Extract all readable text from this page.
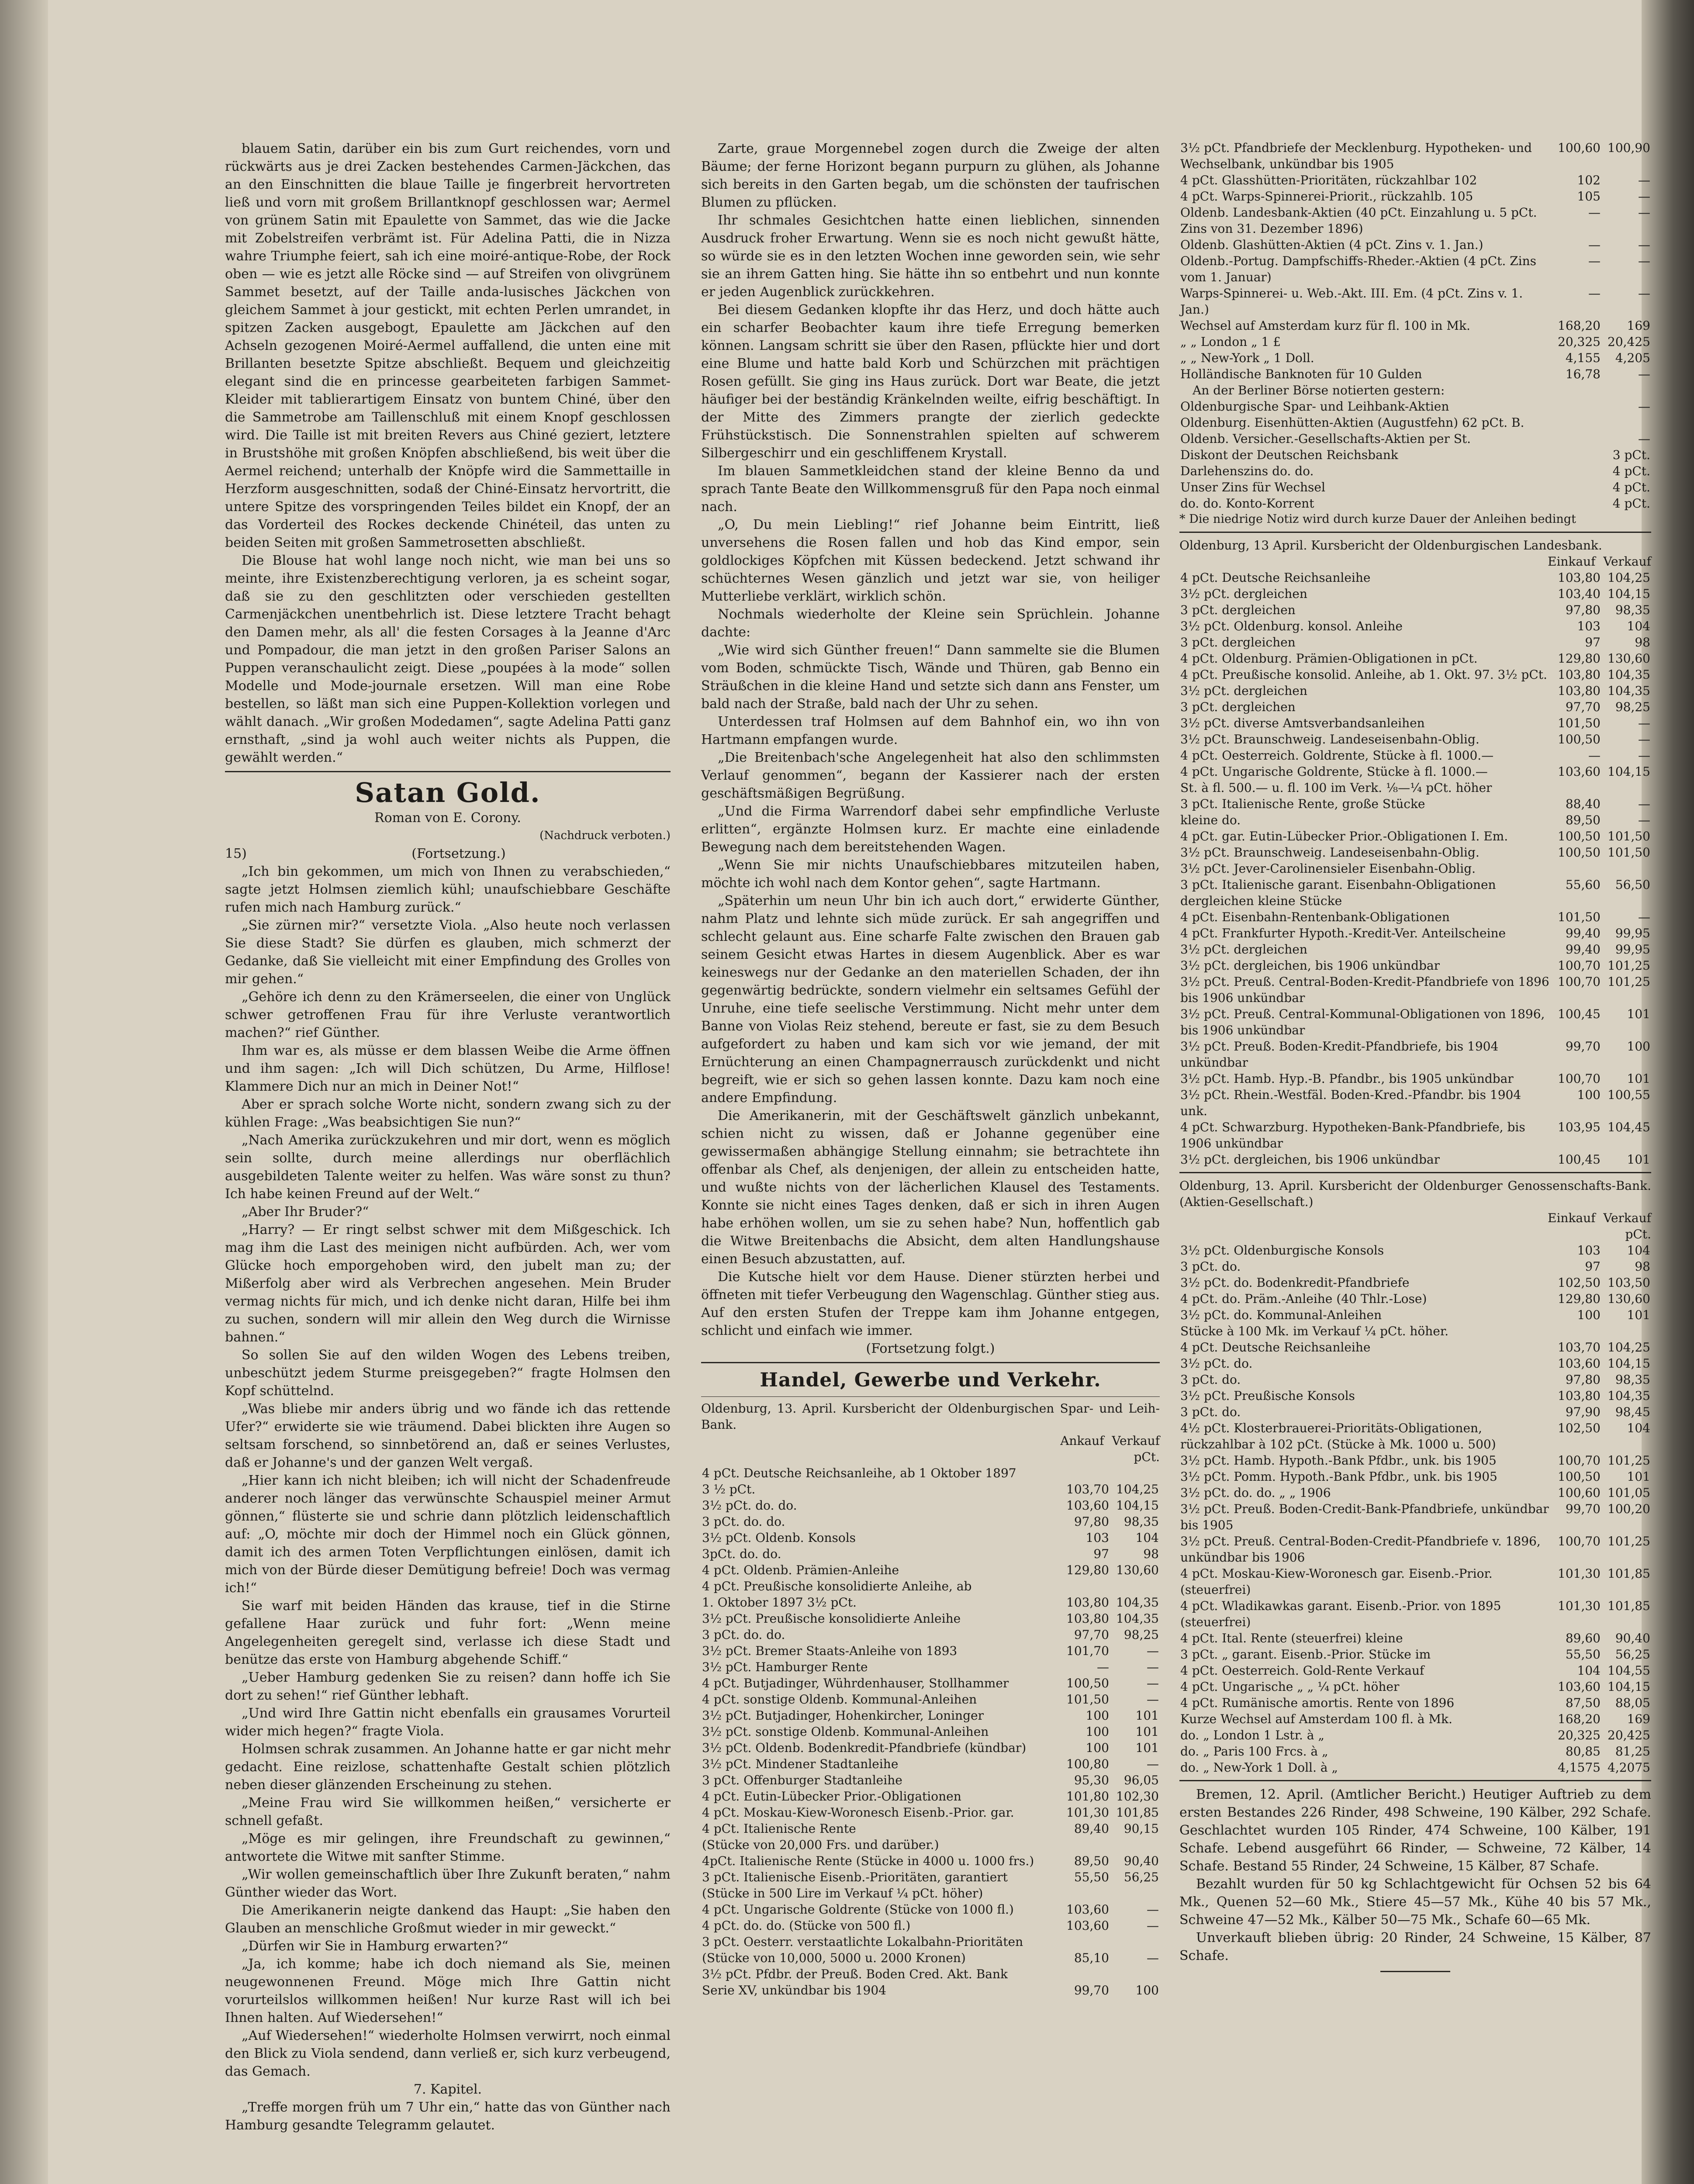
blauem Satin, darüber ein bis zum Gurt reichendes, vorn und rückwärts aus je drei Zacken bestehendes Carmen-Jäckchen, das an den Einschnitten die blaue Taille je fingerbreit hervortreten ließ und vorn mit großem Brillantknopf geschlossen war; Aermel von grünem Satin mit Epaulette von Sammet, das wie die Jacke mit Zobelstreifen verbrämt ist. Für Adelina Patti, die in Nizza wahre Triumphe feiert, sah ich eine moiré-antique-Robe, der Rock oben — wie es jetzt alle Röcke sind — auf Streifen von olivgrünem Sammet besetzt, auf der Taille anda-lusisches Jäckchen von gleichem Sammet à jour gestickt, mit echten Perlen umrandet, in spitzen Zacken ausgebogt, Epaulette am Jäckchen auf den Achseln gezogenen Moiré-Aermel auffallend, die unten eine mit Brillanten besetzte Spitze abschließt. Bequem und gleichzeitig elegant sind die en princesse gearbeiteten farbigen Sammet-Kleider mit tablierartigem Einsatz von buntem Chiné, über den die Sammetrobe am Taillenschluß mit einem Knopf geschlossen wird. Die Taille ist mit breiten Revers aus Chiné geziert, letztere in Brustshöhe mit großen Knöpfen abschließend, bis weit über die Aermel reichend; unterhalb der Knöpfe wird die Sammettaille in Herzform ausgeschnitten, sodaß der Chiné-Einsatz hervortritt, die untere Spitze des vorspringenden Teiles bildet ein Knopf, der an das Vorderteil des Rockes deckende Chinéteil, das unten zu beiden Seiten mit großen Sammetrosetten abschließt.

Die Blouse hat wohl lange noch nicht, wie man bei uns so meinte, ihre Existenzberechtigung verloren, ja es scheint sogar, daß sie zu den geschlitzten oder verschieden gestellten Carmenjäckchen unentbehrlich ist. Diese letztere Tracht behagt den Damen mehr, als all' die festen Corsages à la Jeanne d'Arc und Pompadour, die man jetzt in den großen Pariser Salons an Puppen veranschaulicht zeigt. Diese „poupées à la mode“ sollen Modelle und Mode-journale ersetzen. Will man eine Robe bestellen, so läßt man sich eine Puppen-Kollektion vorlegen und wählt danach. „Wir großen Modedamen“, sagte Adelina Patti ganz ernsthaft, „sind ja wohl auch weiter nichts als Puppen, die gewählt werden.“

Satan Gold.
Roman von E. Corony.
(Nachdruck verboten.)
15)	(Fortsetzung.)

„Ich bin gekommen, um mich von Ihnen zu verabschieden,“ sagte jetzt Holmsen ziemlich kühl; unaufschiebbare Geschäfte rufen mich nach Hamburg zurück.“

„Sie zürnen mir?“ versetzte Viola. „Also heute noch verlassen Sie diese Stadt? Sie dürfen es glauben, mich schmerzt der Gedanke, daß Sie vielleicht mit einer Empfindung des Grolles von mir gehen.“

„Gehöre ich denn zu den Krämerseelen, die einer von Unglück schwer getroffenen Frau für ihre Verluste verantwortlich machen?“ rief Günther.

Ihm war es, als müsse er dem blassen Weibe die Arme öffnen und ihm sagen: „Ich will Dich schützen, Du Arme, Hilflose! Klammere Dich nur an mich in Deiner Not!“

Aber er sprach solche Worte nicht, sondern zwang sich zu der kühlen Frage: „Was beabsichtigen Sie nun?“

„Nach Amerika zurückzukehren und mir dort, wenn es möglich sein sollte, durch meine allerdings nur oberflächlich ausgebildeten Talente weiter zu helfen. Was wäre sonst zu thun? Ich habe keinen Freund auf der Welt.“

„Aber Ihr Bruder?“

„Harry? — Er ringt selbst schwer mit dem Mißgeschick. Ich mag ihm die Last des meinigen nicht aufbürden. Ach, wer vom Glücke hoch emporgehoben wird, den jubelt man zu; der Mißerfolg aber wird als Verbrechen angesehen. Mein Bruder vermag nichts für mich, und ich denke nicht daran, Hilfe bei ihm zu suchen, sondern will mir allein den Weg durch die Wirnisse bahnen.“

So sollen Sie auf den wilden Wogen des Lebens treiben, unbeschützt jedem Sturme preisgegeben?“ fragte Holmsen den Kopf schüttelnd.

„Was bliebe mir anders übrig und wo fände ich das rettende Ufer?“ erwiderte sie wie träumend. Dabei blickten ihre Augen so seltsam forschend, so sinnbetörend an, daß er seines Verlustes, daß er Johanne's und der ganzen Welt vergaß.

„Hier kann ich nicht bleiben; ich will nicht der Schadenfreude anderer noch länger das verwünschte Schauspiel meiner Armut gönnen,“ flüsterte sie und schrie dann plötzlich leidenschaftlich auf: „O, möchte mir doch der Himmel noch ein Glück gönnen, damit ich des armen Toten Verpflichtungen einlösen, damit ich mich von der Bürde dieser Demütigung befreie! Doch was vermag ich!“

Sie warf mit beiden Händen das krause, tief in die Stirne gefallene Haar zurück und fuhr fort: „Wenn meine Angelegenheiten geregelt sind, verlasse ich diese Stadt und benütze das erste von Hamburg abgehende Schiff.“

„Ueber Hamburg gedenken Sie zu reisen? dann hoffe ich Sie dort zu sehen!“ rief Günther lebhaft.

„Und wird Ihre Gattin nicht ebenfalls ein grausames Vorurteil wider mich hegen?“ fragte Viola.

Holmsen schrak zusammen. An Johanne hatte er gar nicht mehr gedacht. Eine reizlose, schattenhafte Gestalt schien plötzlich neben dieser glänzenden Erscheinung zu stehen.

„Meine Frau wird Sie willkommen heißen,“ versicherte er schnell gefaßt.

„Möge es mir gelingen, ihre Freundschaft zu gewinnen,“ antwortete die Witwe mit sanfter Stimme.

„Wir wollen gemeinschaftlich über Ihre Zukunft beraten,“ nahm Günther wieder das Wort.

Die Amerikanerin neigte dankend das Haupt: „Sie haben den Glauben an menschliche Großmut wieder in mir geweckt.“

„Dürfen wir Sie in Hamburg erwarten?“

„Ja, ich komme; habe ich doch niemand als Sie, meinen neugewonnenen Freund. Möge mich Ihre Gattin nicht vorurteilslos willkommen heißen! Nur kurze Rast will ich bei Ihnen halten. Auf Wiedersehen!“

„Auf Wiedersehen!“ wiederholte Holmsen verwirrt, noch einmal den Blick zu Viola sendend, dann verließ er, sich kurz verbeugend, das Gemach.

7. Kapitel.

„Treffe morgen früh um 7 Uhr ein,“ hatte das von Günther nach Hamburg gesandte Telegramm gelautet.

Zarte, graue Morgennebel zogen durch die Zweige der alten Bäume; der ferne Horizont begann purpurn zu glühen, als Johanne sich bereits in den Garten begab, um die schönsten der taufrischen Blumen zu pflücken.

Ihr schmales Gesichtchen hatte einen lieblichen, sinnenden Ausdruck froher Erwartung. Wenn sie es noch nicht gewußt hätte, so würde sie es in den letzten Wochen inne geworden sein, wie sehr sie an ihrem Gatten hing. Sie hätte ihn so entbehrt und nun konnte er jeden Augenblick zurückkehren.

Bei diesem Gedanken klopfte ihr das Herz, und doch hätte auch ein scharfer Beobachter kaum ihre tiefe Erregung bemerken können. Langsam schritt sie über den Rasen, pflückte hier und dort eine Blume und hatte bald Korb und Schürzchen mit prächtigen Rosen gefüllt. Sie ging ins Haus zurück. Dort war Beate, die jetzt häufiger bei der beständig Kränkelnden weilte, eifrig beschäftigt. In der Mitte des Zimmers prangte der zierlich gedeckte Frühstückstisch. Die Sonnenstrahlen spielten auf schwerem Silbergeschirr und ein geschliffenem Krystall.

Im blauen Sammetkleidchen stand der kleine Benno da und sprach Tante Beate den Willkommensgruß für den Papa noch einmal nach.

„O, Du mein Liebling!“ rief Johanne beim Eintritt, ließ unversehens die Rosen fallen und hob das Kind empor, sein goldlockiges Köpfchen mit Küssen bedeckend. Jetzt schwand ihr schüchternes Wesen gänzlich und jetzt war sie, von heiliger Mutterliebe verklärt, wirklich schön.

Nochmals wiederholte der Kleine sein Sprüchlein. Johanne dachte:

„Wie wird sich Günther freuen!“ Dann sammelte sie die Blumen vom Boden, schmückte Tisch, Wände und Thüren, gab Benno ein Sträußchen in die kleine Hand und setzte sich dann ans Fenster, um bald nach der Straße, bald nach der Uhr zu sehen.

Unterdessen traf Holmsen auf dem Bahnhof ein, wo ihn von Hartmann empfangen wurde.

„Die Breitenbach'sche Angelegenheit hat also den schlimmsten Verlauf genommen“, begann der Kassierer nach der ersten geschäftsmäßigen Begrüßung.

„Und die Firma Warrendorf dabei sehr empfindliche Verluste erlitten“, ergänzte Holmsen kurz. Er machte eine einladende Bewegung nach dem bereitstehenden Wagen.

„Wenn Sie mir nichts Unaufschiebbares mitzuteilen haben, möchte ich wohl nach dem Kontor gehen“, sagte Hartmann.

„Späterhin um neun Uhr bin ich auch dort,“ erwiderte Günther, nahm Platz und lehnte sich müde zurück. Er sah angegriffen und schlecht gelaunt aus. Eine scharfe Falte zwischen den Brauen gab seinem Gesicht etwas Hartes in diesem Augenblick. Aber es war keineswegs nur der Gedanke an den materiellen Schaden, der ihn gegenwärtig bedrückte, sondern vielmehr ein seltsames Gefühl der Unruhe, eine tiefe seelische Verstimmung. Nicht mehr unter dem Banne von Violas Reiz stehend, bereute er fast, sie zu dem Besuch aufgefordert zu haben und kam sich vor wie jemand, der mit Ernüchterung an einen Champagnerrausch zurückdenkt und nicht begreift, wie er sich so gehen lassen konnte. Dazu kam noch eine andere Empfindung.

Die Amerikanerin, mit der Geschäftswelt gänzlich unbekannt, schien nicht zu wissen, daß er Johanne gegenüber eine gewissermaßen abhängige Stellung einnahm; sie betrachtete ihn offenbar als Chef, als denjenigen, der allein zu entscheiden hatte, und wußte nichts von der lächerlichen Klausel des Testaments. Konnte sie nicht eines Tages denken, daß er sich in ihren Augen habe erhöhen wollen, um sie zu sehen habe? Nun, hoffentlich gab die Witwe Breitenbachs die Absicht, dem alten Handlungshause einen Besuch abzustatten, auf.

Die Kutsche hielt vor dem Hause. Diener stürzten herbei und öffneten mit tiefer Verbeugung den Wagenschlag. Günther stieg aus. Auf den ersten Stufen der Treppe kam ihm Johanne entgegen, schlicht und einfach wie immer.

(Fortsetzung folgt.)
Handel, Gewerbe und Verkehr.
Oldenburg, 13. April. Kursbericht der Oldenburgischen Spar- und Leih-Bank.
Ankauf Verkauf
pCt.
4 pCt. Deutsche Reichsanleihe, ab 1 Oktober 1897		
3 ½ pCt.	103,70	104,25
3½ pCt. do. do.	103,60	104,15
3 pCt. do. do.	97,80	98,35
3½ pCt. Oldenb. Konsols	103	104
3pCt. do. do.	97	98
4 pCt. Oldenb. Prämien-Anleihe	129,80	130,60
4 pCt. Preußische konsolidierte Anleihe, ab		
1. Oktober 1897 3½ pCt.	103,80	104,35
3½ pCt. Preußische konsolidierte Anleihe	103,80	104,35
3 pCt. do. do.	97,70	98,25
3½ pCt. Bremer Staats-Anleihe von 1893	101,70	—
3½ pCt. Hamburger Rente	—	—
4 pCt. Butjadinger, Wührdenhauser, Stollhammer	100,50	—
4 pCt. sonstige Oldenb. Kommunal-Anleihen	101,50	—
3½ pCt. Butjadinger, Hohenkircher, Loninger	100	101
3½ pCt. sonstige Oldenb. Kommunal-Anleihen	100	101
3½ pCt. Oldenb. Bodenkredit-Pfandbriefe (kündbar)	100	101
3½ pCt. Mindener Stadtanleihe	100,80	—
3 pCt. Offenburger Stadtanleihe	95,30	96,05
4 pCt. Eutin-Lübecker Prior.-Obligationen	101,80	102,30
4 pCt. Moskau-Kiew-Woronesch Eisenb.-Prior. gar.	101,30	101,85
4 pCt. Italienische Rente	89,40	90,15
(Stücke von 20,000 Frs. und darüber.)		
4pCt. Italienische Rente (Stücke in 4000 u. 1000 frs.)	89,50	90,40
3 pCt. Italienische Eisenb.-Prioritäten, garantiert	55,50	56,25
(Stücke in 500 Lire im Verkauf ¼ pCt. höher)		
4 pCt. Ungarische Goldrente (Stücke von 1000 fl.)	103,60	—
4 pCt. do. do. (Stücke von 500 fl.)	103,60	—
3 pCt. Oesterr. verstaatlichte Lokalbahn-Prioritäten		
(Stücke von 10,000, 5000 u. 2000 Kronen)	85,10	—
3½ pCt. Pfdbr. der Preuß. Boden Cred. Akt. Bank		
Serie XV, unkündbar bis 1904	99,70	100
3½ pCt. Pfandbriefe der Mecklenburg. Hypotheken- und Wechselbank, unkündbar bis 1905	100,60	100,90
4 pCt. Glasshütten-Prioritäten, rückzahlbar 102	102	—
4 pCt. Warps-Spinnerei-Priorit., rückzahlb. 105	105	—
Oldenb. Landesbank-Aktien (40 pCt. Einzahlung u. 5 pCt. Zins von 31. Dezember 1896)	—	—
Oldenb. Glashütten-Aktien (4 pCt. Zins v. 1. Jan.)	—	—
Oldenb.-Portug. Dampfschiffs-Rheder.-Aktien (4 pCt. Zins vom 1. Januar)	—	—
Warps-Spinnerei- u. Web.-Akt. III. Em. (4 pCt. Zins v. 1. Jan.)	—	—
Wechsel auf Amsterdam kurz für fl. 100 in Mk.	168,20	169
„ „ London „ 1 £	20,325	20,425
„ „ New-York „ 1 Doll.	4,155	4,205
Holländische Banknoten für 10 Gulden	16,78	—
An der Berliner Börse notierten gestern:
Oldenburgische Spar- und Leihbank-Aktien	—
Oldenburg. Eisenhütten-Aktien (Augustfehn) 62 pCt. B.	
Oldenb. Versicher.-Gesellschafts-Aktien per St.	—
Diskont der Deutschen Reichsbank	3 pCt.
Darlehenszins do. do.	4 pCt.
Unser Zins für Wechsel	4 pCt.
do. do. Konto-Korrent	4 pCt.
* Die niedrige Notiz wird durch kurze Dauer der Anleihen bedingt
Oldenburg, 13 April. Kursbericht der Oldenburgischen Landesbank.
Einkauf Verkauf
4 pCt. Deutsche Reichsanleihe	103,80	104,25
3½ pCt. dergleichen	103,40	104,15
3 pCt. dergleichen	97,80	98,35
3½ pCt. Oldenburg. konsol. Anleihe	103	104
3 pCt. dergleichen	97	98
4 pCt. Oldenburg. Prämien-Obligationen in pCt.	129,80	130,60
4 pCt. Preußische konsolid. Anleihe, ab 1. Okt. 97. 3½ pCt.	103,80	104,35
3½ pCt. dergleichen	103,80	104,35
3 pCt. dergleichen	97,70	98,25
3½ pCt. diverse Amtsverbandsanleihen	101,50	—
3½ pCt. Braunschweig. Landeseisenbahn-Oblig.	100,50	—
4 pCt. Oesterreich. Goldrente, Stücke à fl. 1000.—	—	—
4 pCt. Ungarische Goldrente, Stücke à fl. 1000.—	103,60	104,15
St. à fl. 500.— u. fl. 100 im Verk. ⅛—¼ pCt. höher		
3 pCt. Italienische Rente, große Stücke	88,40	—
kleine do.	89,50	—
4 pCt. gar. Eutin-Lübecker Prior.-Obligationen I. Em.	100,50	101,50
3½ pCt. Braunschweig. Landeseisenbahn-Oblig.	100,50	101,50
3½ pCt. Jever-Carolinensieler Eisenbahn-Oblig.		
3 pCt. Italienische garant. Eisenbahn-Obligationen dergleichen kleine Stücke	55,60	56,50
4 pCt. Eisenbahn-Rentenbank-Obligationen	101,50	—
4 pCt. Frankfurter Hypoth.-Kredit-Ver. Anteilscheine	99,40	99,95
3½ pCt. dergleichen	99,40	99,95
3½ pCt. dergleichen, bis 1906 unkündbar	100,70	101,25
3½ pCt. Preuß. Central-Boden-Kredit-Pfandbriefe von 1896 bis 1906 unkündbar	100,70	101,25
3½ pCt. Preuß. Central-Kommunal-Obligationen von 1896, bis 1906 unkündbar	100,45	101
3½ pCt. Preuß. Boden-Kredit-Pfandbriefe, bis 1904 unkündbar	99,70	100
3½ pCt. Hamb. Hyp.-B. Pfandbr., bis 1905 unkündbar	100,70	101
3½ pCt. Rhein.-Westfäl. Boden-Kred.-Pfandbr. bis 1904 unk.	100	100,55
4 pCt. Schwarzburg. Hypotheken-Bank-Pfandbriefe, bis 1906 unkündbar	103,95	104,45
3½ pCt. dergleichen, bis 1906 unkündbar	100,45	101
Oldenburg, 13. April. Kursbericht der Oldenburger Genossenschafts-Bank. (Aktien-Gesellschaft.)
Einkauf Verkauf
pCt.
3½ pCt. Oldenburgische Konsols	103	104
3 pCt. do.	97	98
3½ pCt. do. Bodenkredit-Pfandbriefe	102,50	103,50
4 pCt. do. Präm.-Anleihe (40 Thlr.-Lose)	129,80	130,60
3½ pCt. do. Kommunal-Anleihen	100	101
Stücke à 100 Mk. im Verkauf ¼ pCt. höher.		
4 pCt. Deutsche Reichsanleihe	103,70	104,25
3½ pCt. do.	103,60	104,15
3 pCt. do.	97,80	98,35
3½ pCt. Preußische Konsols	103,80	104,35
3 pCt. do.	97,90	98,45
4½ pCt. Klosterbrauerei-Prioritäts-Obligationen, rückzahlbar à 102 pCt. (Stücke à Mk. 1000 u. 500)	102,50	104
3½ pCt. Hamb. Hypoth.-Bank Pfdbr., unk. bis 1905	100,70	101,25
3½ pCt. Pomm. Hypoth.-Bank Pfdbr., unk. bis 1905	100,50	101
3½ pCt. do. do. „ „ 1906	100,60	101,05
3½ pCt. Preuß. Boden-Credit-Bank-Pfandbriefe, unkündbar bis 1905	99,70	100,20
3½ pCt. Preuß. Central-Boden-Credit-Pfandbriefe v. 1896, unkündbar bis 1906	100,70	101,25
4 pCt. Moskau-Kiew-Woronesch gar. Eisenb.-Prior. (steuerfrei)	101,30	101,85
4 pCt. Wladikawkas garant. Eisenb.-Prior. von 1895 (steuerfrei)	101,30	101,85
4 pCt. Ital. Rente (steuerfrei) kleine	89,60	90,40
3 pCt. „ garant. Eisenb.-Prior. Stücke im	55,50	56,25
4 pCt. Oesterreich. Gold-Rente Verkauf	104	104,55
4 pCt. Ungarische „ „ ¼ pCt. höher	103,60	104,15
4 pCt. Rumänische amortis. Rente von 1896	87,50	88,05
Kurze Wechsel auf Amsterdam 100 fl. à Mk.	168,20	169
do. „ London 1 Lstr. à „	20,325	20,425
do. „ Paris 100 Frcs. à „	80,85	81,25
do. „ New-York 1 Doll. à „	4,1575	4,2075

Bremen, 12. April. (Amtlicher Bericht.) Heutiger Auftrieb zu dem ersten Bestandes 226 Rinder, 498 Schweine, 190 Kälber, 292 Schafe. Geschlachtet wurden 105 Rinder, 474 Schweine, 100 Kälber, 191 Schafe. Lebend ausgeführt 66 Rinder, — Schweine, 72 Kälber, 14 Schafe. Bestand 55 Rinder, 24 Schweine, 15 Kälber, 87 Schafe.

Bezahlt wurden für 50 kg Schlachtgewicht für Ochsen 52 bis 64 Mk., Quenen 52—60 Mk., Stiere 45—57 Mk., Kühe 40 bis 57 Mk., Schweine 47—52 Mk., Kälber 50—75 Mk., Schafe 60—65 Mk.

Unverkauft blieben übrig: 20 Rinder, 24 Schweine, 15 Kälber, 87 Schafe.
